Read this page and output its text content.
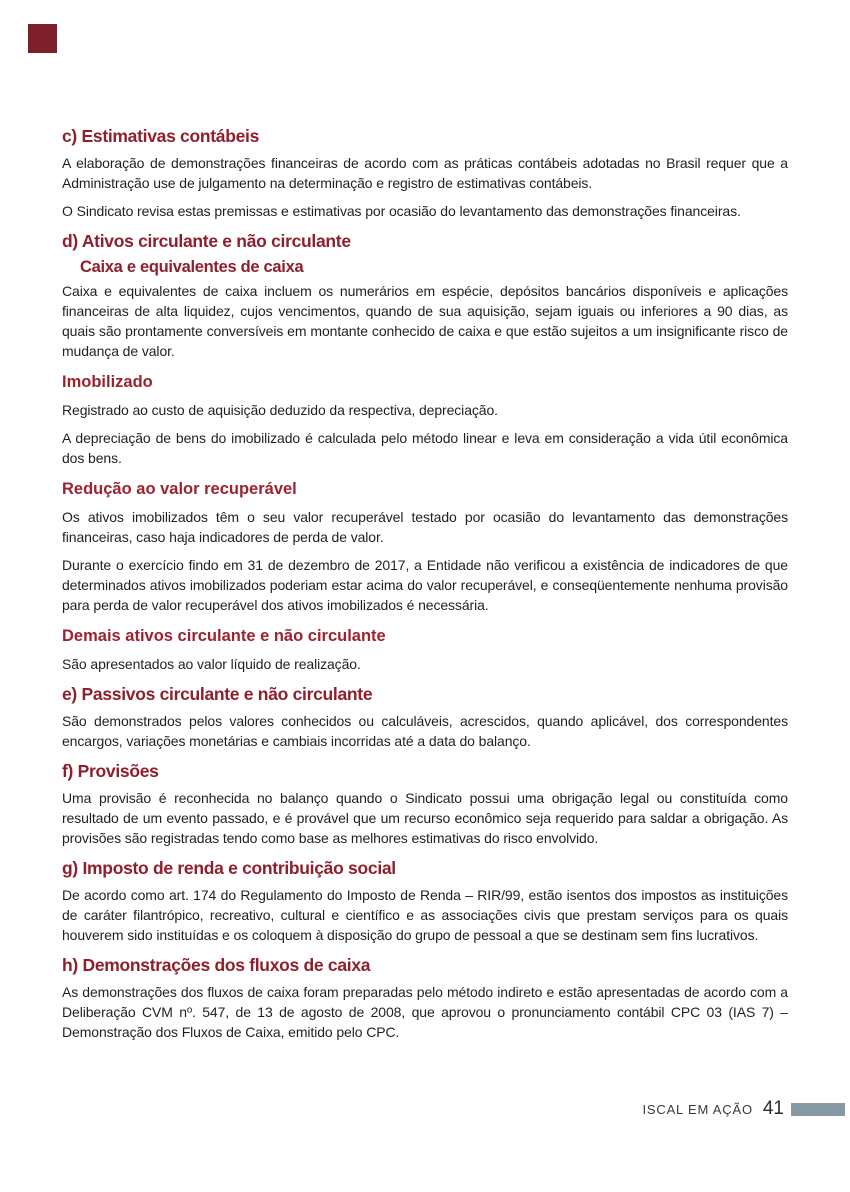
c) Estimativas contábeis

A elaboração de demonstrações financeiras de acordo com as práticas contábeis adotadas no Brasil requer que a Administração use de julgamento na determinação e registro de estimativas contábeis.

O Sindicato revisa estas premissas e estimativas por ocasião do levantamento das demonstrações financeiras.

d) Ativos circulante e não circulante
Caixa e equivalentes de caixa

Caixa e equivalentes de caixa incluem os numerários em espécie, depósitos bancários disponíveis e aplicações financeiras de alta liquidez, cujos vencimentos, quando de sua aquisição, sejam iguais ou inferiores a 90 dias, as quais são prontamente conversíveis em montante conhecido de caixa e que estão sujeitos a um insignificante risco de mudança de valor.

Imobilizado

Registrado ao custo de aquisição deduzido da respectiva, depreciação.

A depreciação de bens do imobilizado é calculada pelo método linear e leva em consideração a vida útil econômica dos bens.

Redução ao valor recuperável

Os ativos imobilizados têm o seu valor recuperável testado por ocasião do levantamento das demonstrações financeiras, caso haja indicadores de perda de valor.

Durante o exercício findo em 31 de dezembro de 2017, a Entidade não verificou a existência de indicadores de que determinados ativos imobilizados poderiam estar acima do valor recuperável, e conseqüentemente nenhuma provisão para perda de valor recuperável dos ativos imobilizados é necessária.

Demais ativos circulante e não circulante

São apresentados ao valor líquido de realização.

e) Passivos circulante e não circulante

São demonstrados pelos valores conhecidos ou calculáveis, acrescidos, quando aplicável, dos correspondentes encargos, variações monetárias e cambiais incorridas até a data do balanço.

f) Provisões

Uma provisão é reconhecida no balanço quando o Sindicato possui uma obrigação legal ou constituída como resultado de um evento passado, e é provável que um recurso econômico seja requerido para saldar a obrigação. As provisões são registradas tendo como base as melhores estimativas do risco envolvido.

g) Imposto de renda e contribuição social

De acordo como art. 174 do Regulamento do Imposto de Renda – RIR/99, estão isentos dos impostos as instituições de caráter filantrópico, recreativo, cultural e científico e as associações civis que prestam serviços para os quais houverem sido instituídas e os coloquem à disposição do grupo de pessoal a que se destinam sem fins lucrativos.

h) Demonstrações dos fluxos de caixa

As demonstrações dos fluxos de caixa foram preparadas pelo método indireto e estão apresentadas de acordo com a Deliberação CVM nº. 547, de 13 de agosto de 2008, que aprovou o pronunciamento contábil CPC 03 (IAS 7) – Demonstração dos Fluxos de Caixa, emitido pelo CPC.

ISCAL EM AÇÃO 41
